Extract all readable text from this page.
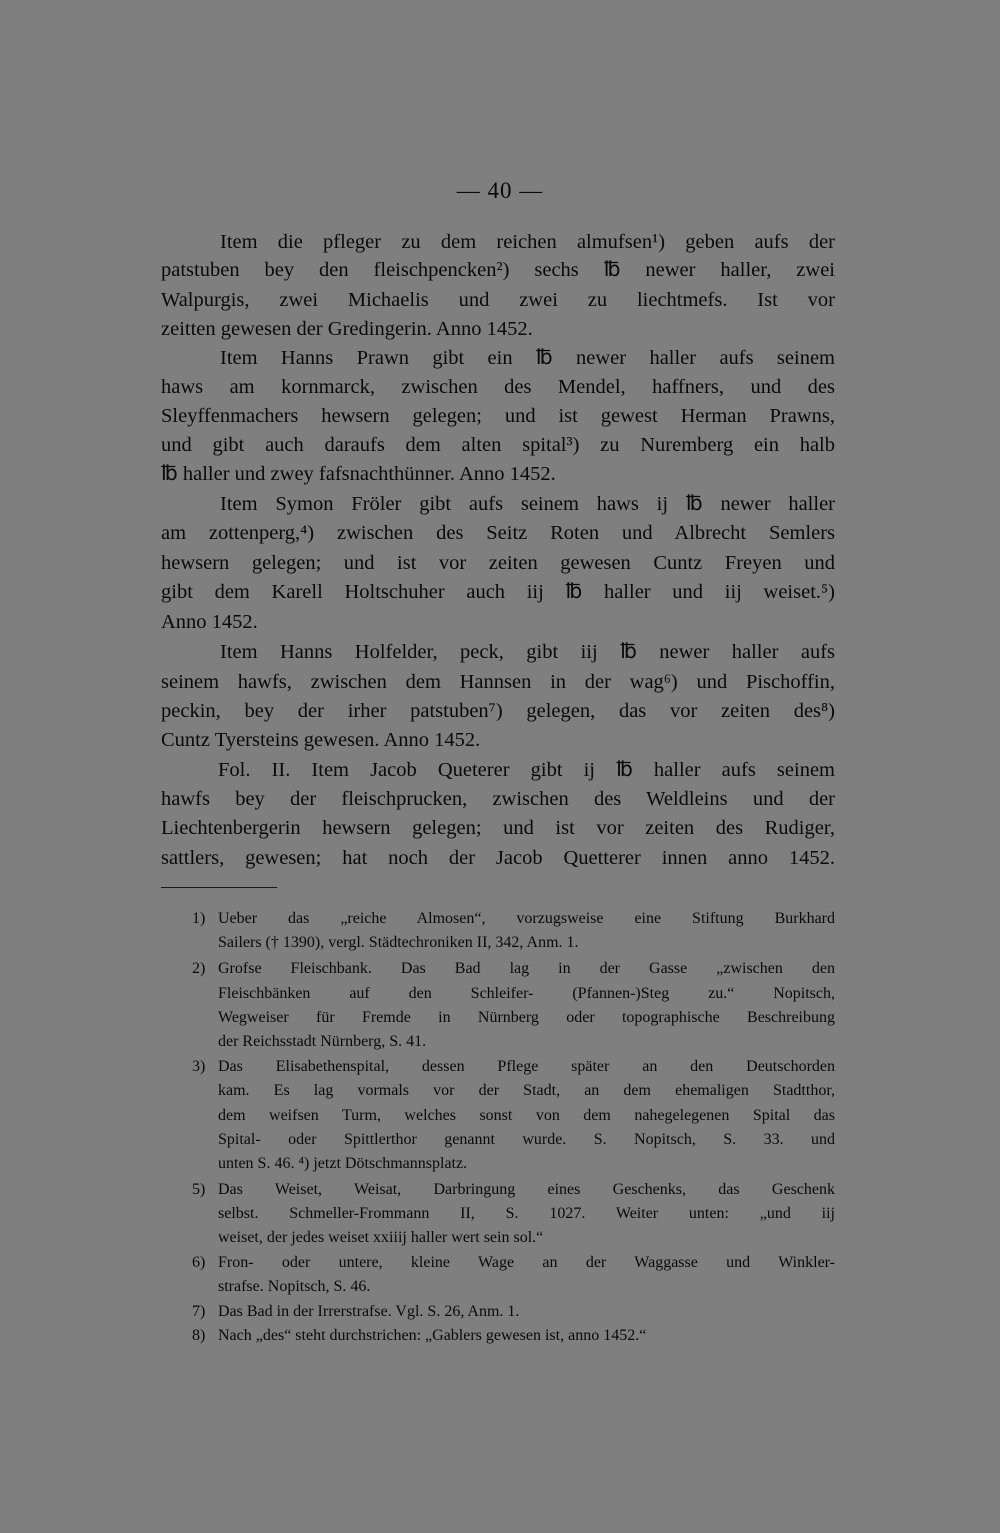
— 40 —
Item die pfleger zu dem reichen almufsen¹) geben aufs der
patstuben bey den fleischpencken²) sechs ℔ newer haller, zwei
Walpurgis, zwei Michaelis und zwei zu liechtmefs. Ist vor
zeitten gewesen der Gredingerin. Anno 1452.
Item Hanns Prawn gibt ein ℔ newer haller aufs seinem
haws am kornmarck, zwischen des Mendel, haffners, und des
Sleyffenmachers hewsern gelegen; und ist gewest Herman Prawns,
und gibt auch daraufs dem alten spital³) zu Nuremberg ein halb
℔ haller und zwey fafsnachthünner. Anno 1452.
Item Symon Fröler gibt aufs seinem haws ij ℔ newer haller
am zottenperg,⁴) zwischen des Seitz Roten und Albrecht Semlers
hewsern gelegen; und ist vor zeiten gewesen Cuntz Freyen und
gibt dem Karell Holtschuher auch iij ℔ haller und iij weiset.⁵)
Anno 1452.
Item Hanns Holfelder, peck, gibt iij ℔ newer haller aufs
seinem hawfs, zwischen dem Hannsen in der wag⁶) und Pischoffin,
peckin, bey der irher patstuben⁷) gelegen, das vor zeiten des⁸)
Cuntz Tyersteins gewesen. Anno 1452.
Fol. II. Item Jacob Queterer gibt ij ℔ haller aufs seinem
hawfs bey der fleischprucken, zwischen des Weldleins und der
Liechtenbergerin hewsern gelegen; und ist vor zeiten des Rudiger,
sattlers, gewesen; hat noch der Jacob Quetterer innen anno 1452.
1) Ueber das „reiche Almosen“, vorzugsweise eine Stiftung Burkhard
Sailers († 1390), vergl. Städtechroniken II, 342, Anm. 1.
2) Grofse Fleischbank. Das Bad lag in der Gasse „zwischen den
Fleischbänken auf den Schleifer- (Pfannen-)Steg zu.“ Nopitsch,
Wegweiser für Fremde in Nürnberg oder topographische Beschreibung
der Reichsstadt Nürnberg, S. 41.
3) Das Elisabethenspital, dessen Pflege später an den Deutschorden
kam. Es lag vormals vor der Stadt, an dem ehemaligen Stadtthor,
dem weifsen Turm, welches sonst von dem nahegelegenen Spital das
Spital- oder Spittlerthor genannt wurde. S. Nopitsch, S. 33. und
unten S. 46. ⁴) jetzt Dötschmannsplatz.
5) Das Weiset, Weisat, Darbringung eines Geschenks, das Geschenk
selbst. Schmeller-Frommann II, S. 1027. Weiter unten: „und iij
weiset, der jedes weiset xxiiij haller wert sein sol.“
6) Fron- oder untere, kleine Wage an der Waggasse und Winkler-
strafse. Nopitsch, S. 46.
7) Das Bad in der Irrerstrafse. Vgl. S. 26, Anm. 1.
8) Nach „des“ steht durchstrichen: „Gablers gewesen ist, anno 1452.“
